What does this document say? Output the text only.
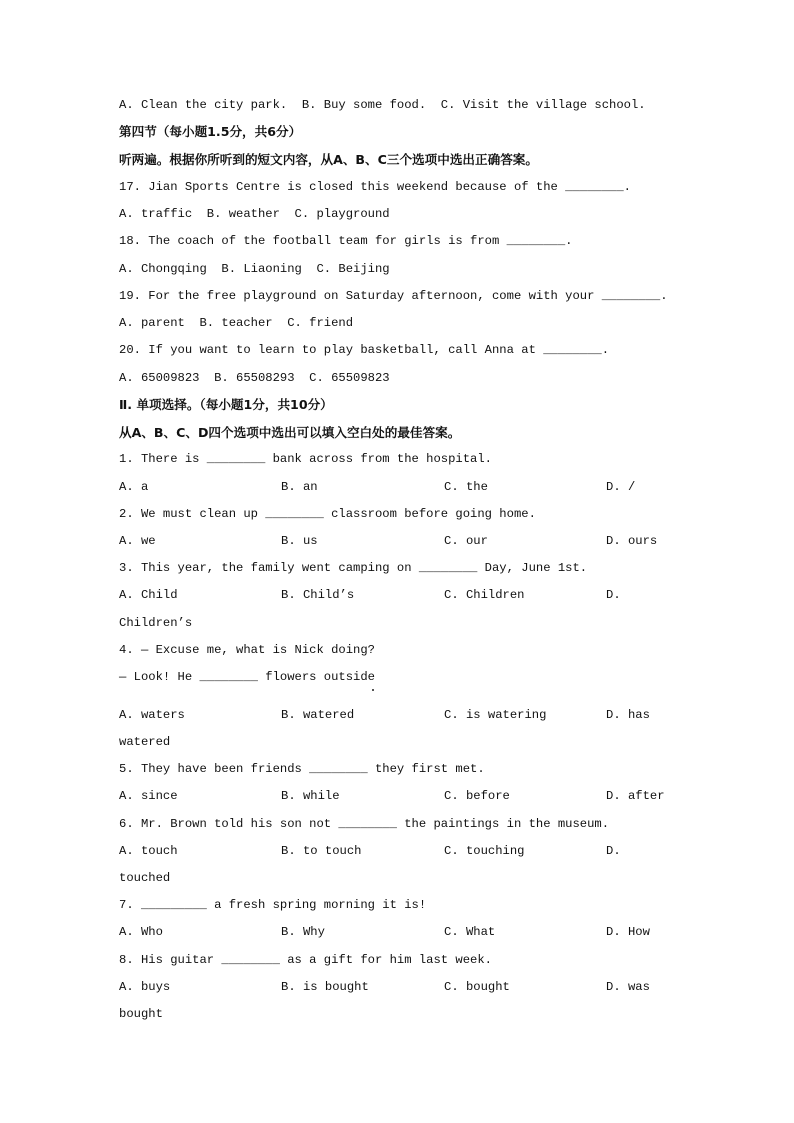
A. Clean the city park.  B. Buy some food.  C. Visit the village school.
第四节（每小题1.5分，共6分）
听两遍。根据你所听到的短文内容，从A、B、C三个选项中选出正确答案。
17. Jian Sports Centre is closed this weekend because of the ________.
A. traffic  B. weather  C. playground
18. The coach of the football team for girls is from ________.
A. Chongqing  B. Liaoning  C. Beijing
19. For the free playground on Saturday afternoon, come with your ________.
A. parent  B. teacher  C. friend
20. If you want to learn to play basketball, call Anna at ________.
A. 65009823  B. 65508293  C. 65509823
Ⅱ. 单项选择。（每小题1分，共10分）
从A、B、C、D四个选项中选出可以填入空白处的最佳答案。
1. There is ________ bank across from the hospital.
A. a	B. an	C. the	D. /
2. We must clean up ________ classroom before going home.
A. we	B. us	C. our	D. ours
3. This year, the family went camping on ________ Day, June 1st.
A. Child	B. Child’s	C. Children	D.
Children’s
4. — Excuse me, what is Nick doing?
— Look! He ________ flowers outside
A. waters	B. watered	C. is watering	D. has
watered
5. They have been friends ________ they first met.
A. since	B. while	C. before	D. after
6. Mr. Brown told his son not ________ the paintings in the museum.
A. touch	B. to touch	C. touching	D.
touched
7. _________ a fresh spring morning it is!
A. Who	B. Why	C. What	D. How
8. His guitar ________ as a gift for him last week.
A. buys	B. is bought	C. bought	D. was
bought
